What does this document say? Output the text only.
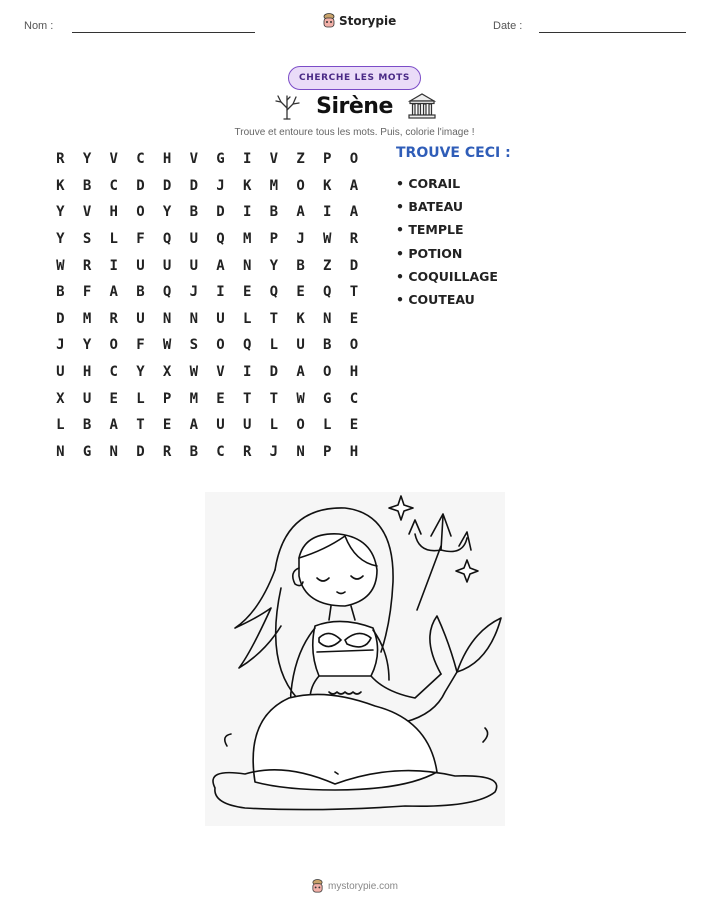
Nom :	Storypie	Date :
CHERCHE LES MOTS
Sirène
Trouve et entoure tous les mots. Puis, colorie l'image !
R	Y	V	C	H	V	G	I	V	Z	P	O
K	B	C	D	D	D	J	K	M	O	K	A
Y	V	H	O	Y	B	D	I	B	A	I	A
Y	S	L	F	Q	U	Q	M	P	J	W	R
W	R	I	U	U	U	A	N	Y	B	Z	D
B	F	A	B	Q	J	I	E	Q	E	Q	T
D	M	R	U	N	N	U	L	T	K	N	E
J	Y	O	F	W	S	O	Q	L	U	B	O
U	H	C	Y	X	W	V	I	D	A	O	H
X	U	E	L	P	M	E	T	T	W	G	C
L	B	A	T	E	A	U	U	L	O	L	E
N	G	N	D	R	B	C	R	J	N	P	H
TROUVE CECI :
• CORAIL
• BATEAU
• TEMPLE
• POTION
• COQUILLAGE
• COUTEAU
mystorypie.com
